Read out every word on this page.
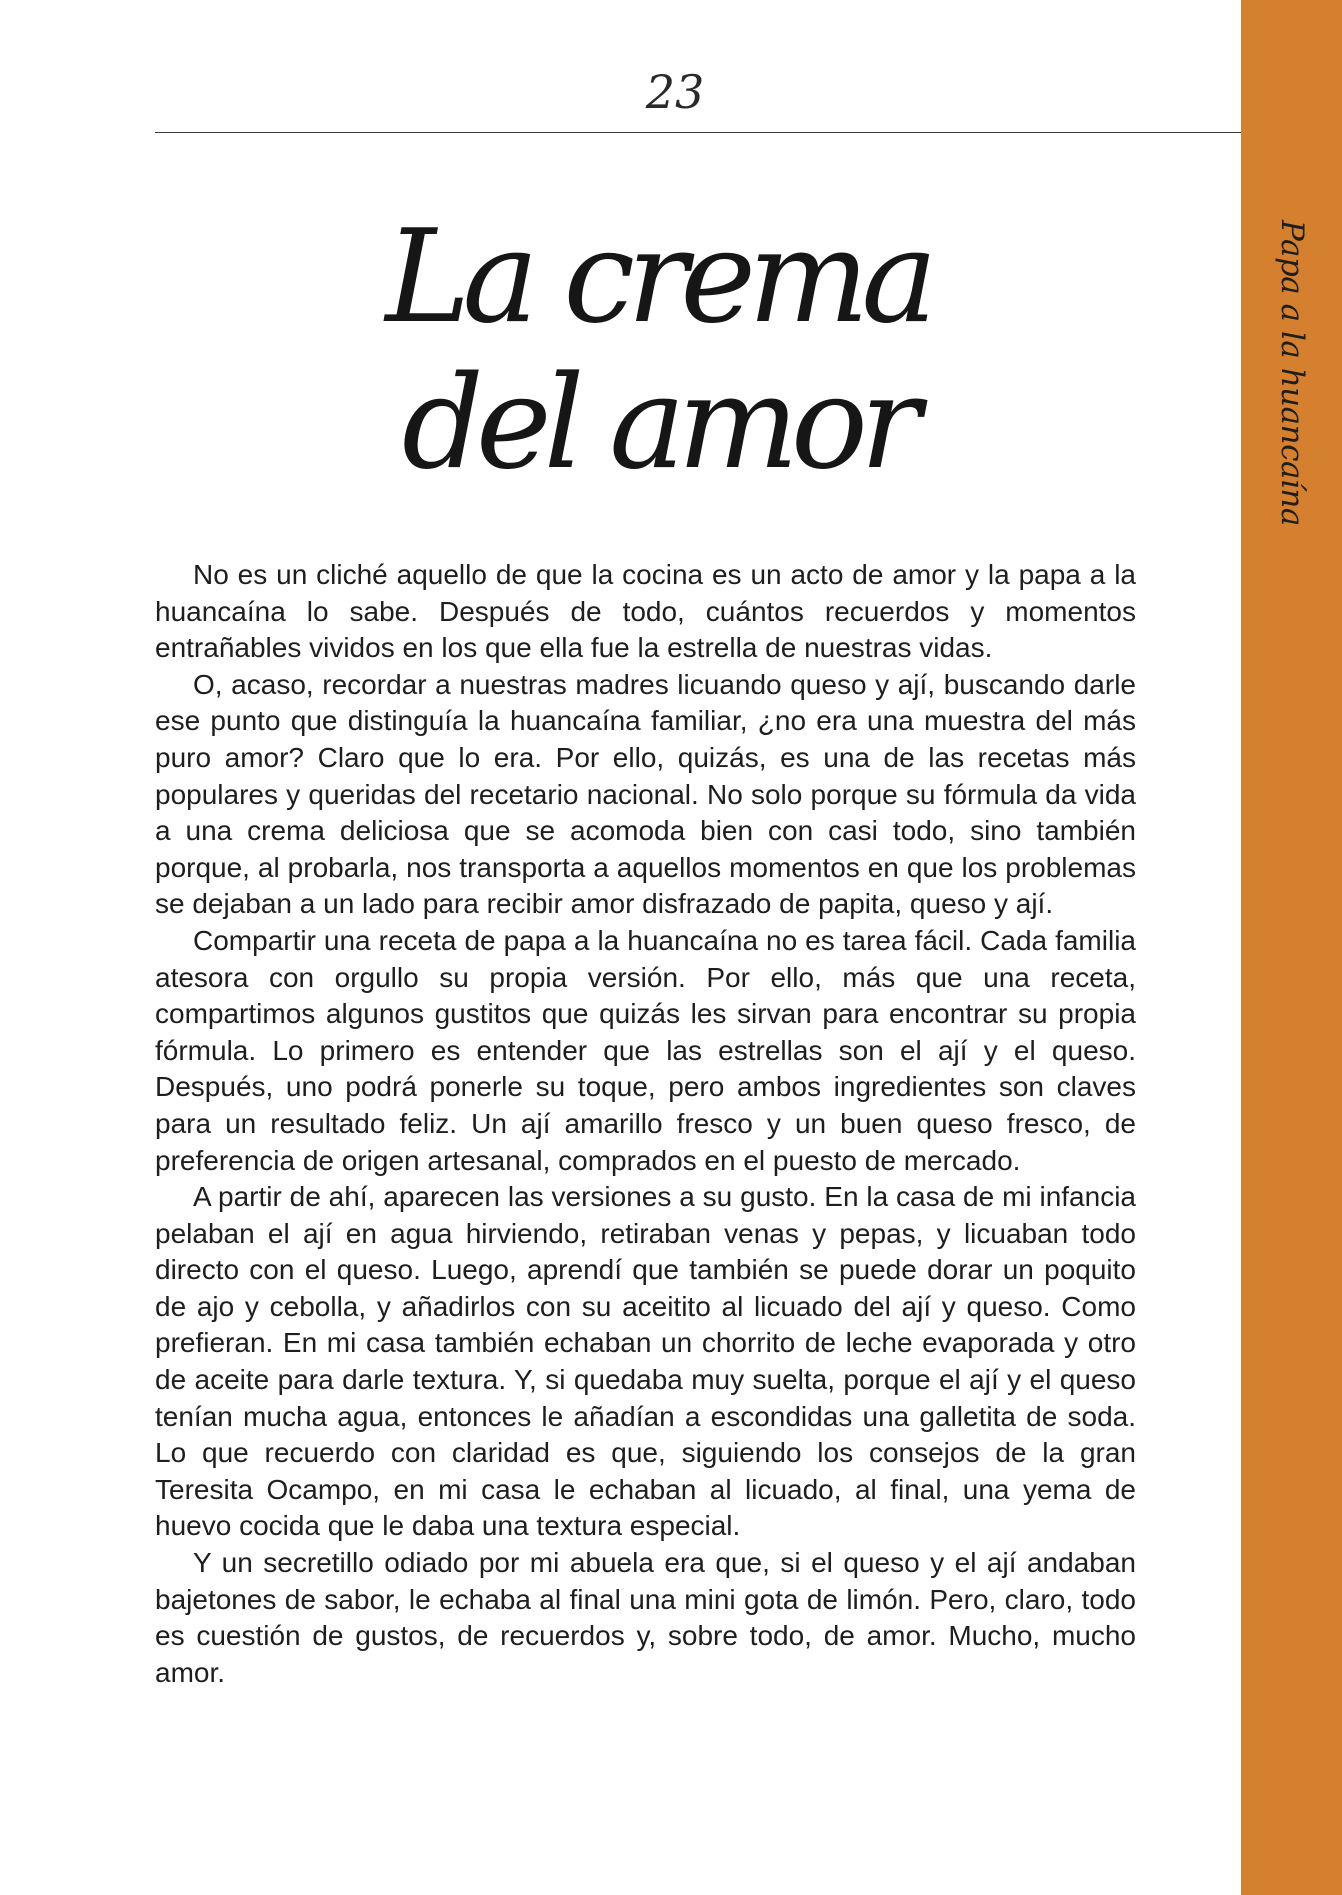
Papa a la huancaína
23
La crema
del amor

No es un cliché aquello de que la cocina es un acto de amor y la papa a la huancaína lo sabe. Después de todo, cuántos recuerdos y momentos entrañables vividos en los que ella fue la estrella de nuestras vidas.

O, acaso, recordar a nuestras madres licuando queso y ají, buscando darle ese punto que distinguía la huancaína familiar, ¿no era una muestra del más puro amor? Claro que lo era. Por ello, quizás, es una de las recetas más populares y queridas del recetario nacional. No solo porque su fórmula da vida a una crema deliciosa que se acomoda bien con casi todo, sino también porque, al probarla, nos transporta a aquellos momentos en que los problemas se dejaban a un lado para recibir amor disfrazado de papita, queso y ají.

Compartir una receta de papa a la huancaína no es tarea fácil. Cada familia atesora con orgullo su propia versión. Por ello, más que una receta, compartimos algunos gustitos que quizás les sirvan para encontrar su propia fórmula. Lo primero es entender que las estrellas son el ají y el queso. Después, uno podrá ponerle su toque, pero ambos ingredientes son claves para un resultado feliz. Un ají amarillo fresco y un buen queso fresco, de preferencia de origen artesanal, comprados en el puesto de mercado.

A partir de ahí, aparecen las versiones a su gusto. En la casa de mi infancia pelaban el ají en agua hirviendo, retiraban venas y pepas, y licuaban todo directo con el queso. Luego, aprendí que también se puede dorar un poquito de ajo y cebolla, y añadirlos con su aceitito al licuado del ají y queso. Como prefieran. En mi casa también echaban un chorrito de leche evaporada y otro de aceite para darle textura. Y, si quedaba muy suelta, porque el ají y el queso tenían mucha agua, entonces le añadían a escondidas una galletita de soda. Lo que recuerdo con claridad es que, siguiendo los consejos de la gran Teresita Ocampo, en mi casa le echaban al licuado, al final, una yema de huevo cocida que le daba una textura especial.

Y un secretillo odiado por mi abuela era que, si el queso y el ají andaban bajetones de sabor, le echaba al final una mini gota de limón. Pero, claro, todo es cuestión de gustos, de recuerdos y, sobre todo, de amor. Mucho, mucho amor.
